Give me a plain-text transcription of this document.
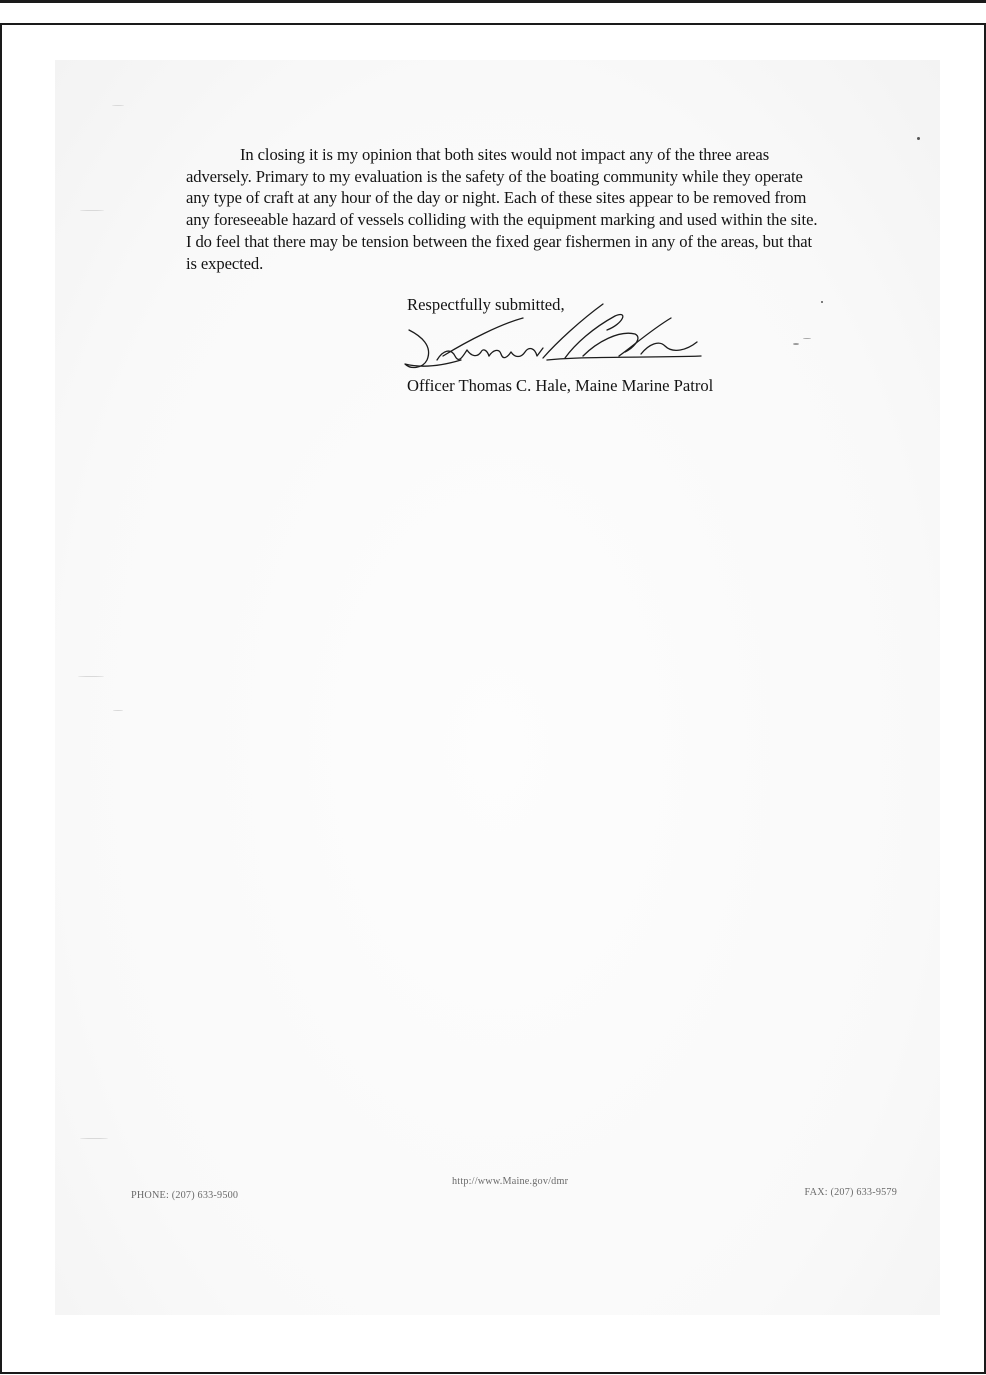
In closing it is my opinion that both sites would not impact any of the three areas
adversely. Primary to my evaluation is the safety of the boating community while they operate
any type of craft at any hour of the day or night. Each of these sites appear to be removed from
any foreseeable hazard of vessels colliding with the equipment marking and used within the site.
I do feel that there may be tension between the fixed gear fishermen in any of the areas, but that
is expected.

Respectfully submitted,

Officer Thomas C. Hale, Maine Marine Patrol

PHONE: (207) 633-9500
http://www.Maine.gov/dmr
FAX: (207) 633-9579
